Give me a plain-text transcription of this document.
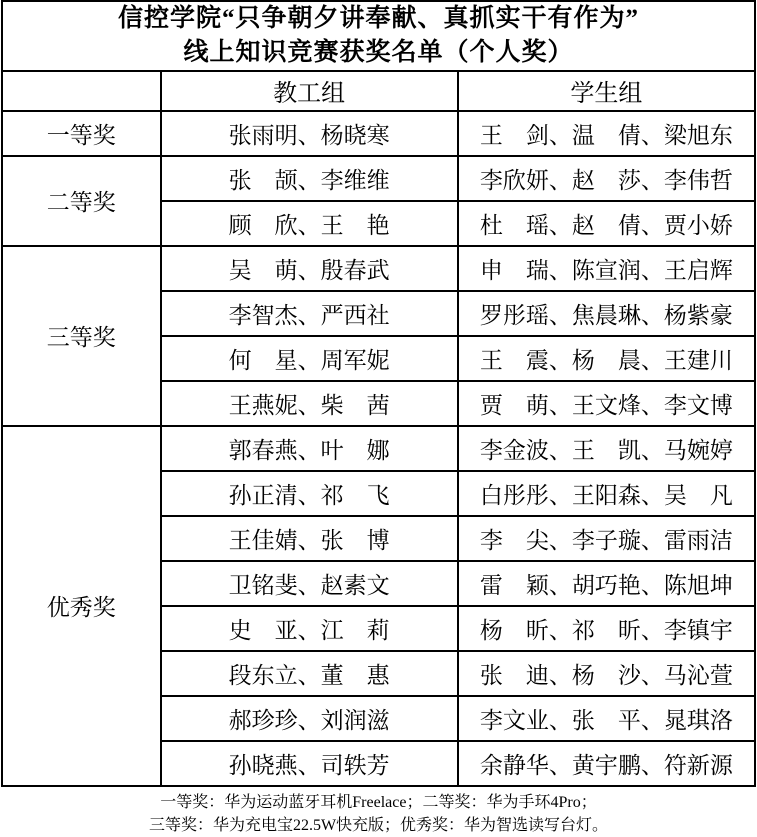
信控学院“只争朝夕讲奉献、真抓实干有作为”
线上知识竞赛获奖名单（个人奖）		

	教工组	学生组
一等奖	张雨明、杨晓寒	王　剑、温　倩、梁旭东
二等奖	张　颉、李维维	李欣妍、赵　莎、李伟哲
	顾　欣、王　艳	杜　瑶、赵　倩、贾小娇
三等奖	吴　萌、殷春武	申　瑞、陈宣润、王启辉
	李智杰、严西社	罗彤瑶、焦晨琳、杨紫豪
	何　星、周军妮	王　震、杨　晨、王建川
	王燕妮、柴　茜	贾　萌、王文烽、李文博
优秀奖	郭春燕、叶　娜	李金波、王　凯、马婉婷
	孙正清、祁　飞	白彤彤、王阳森、吴　凡
	王佳婧、张　博	李　尖、李子璇、雷雨洁
	卫铭斐、赵素文	雷　颖、胡巧艳、陈旭坤
	史　亚、江　莉	杨　昕、祁　昕、李镇宇
	段东立、董　惠	张　迪、杨　沙、马沁萱
	郝珍珍、刘润滋	李文业、张　平、晁琪洛
	孙晓燕、司轶芳	余静华、黄宇鹏、符新源
一等奖：华为运动蓝牙耳机Freelace；二等奖：华为手环4Pro；
三等奖：华为充电宝22.5W快充版；优秀奖：华为智选读写台灯。
